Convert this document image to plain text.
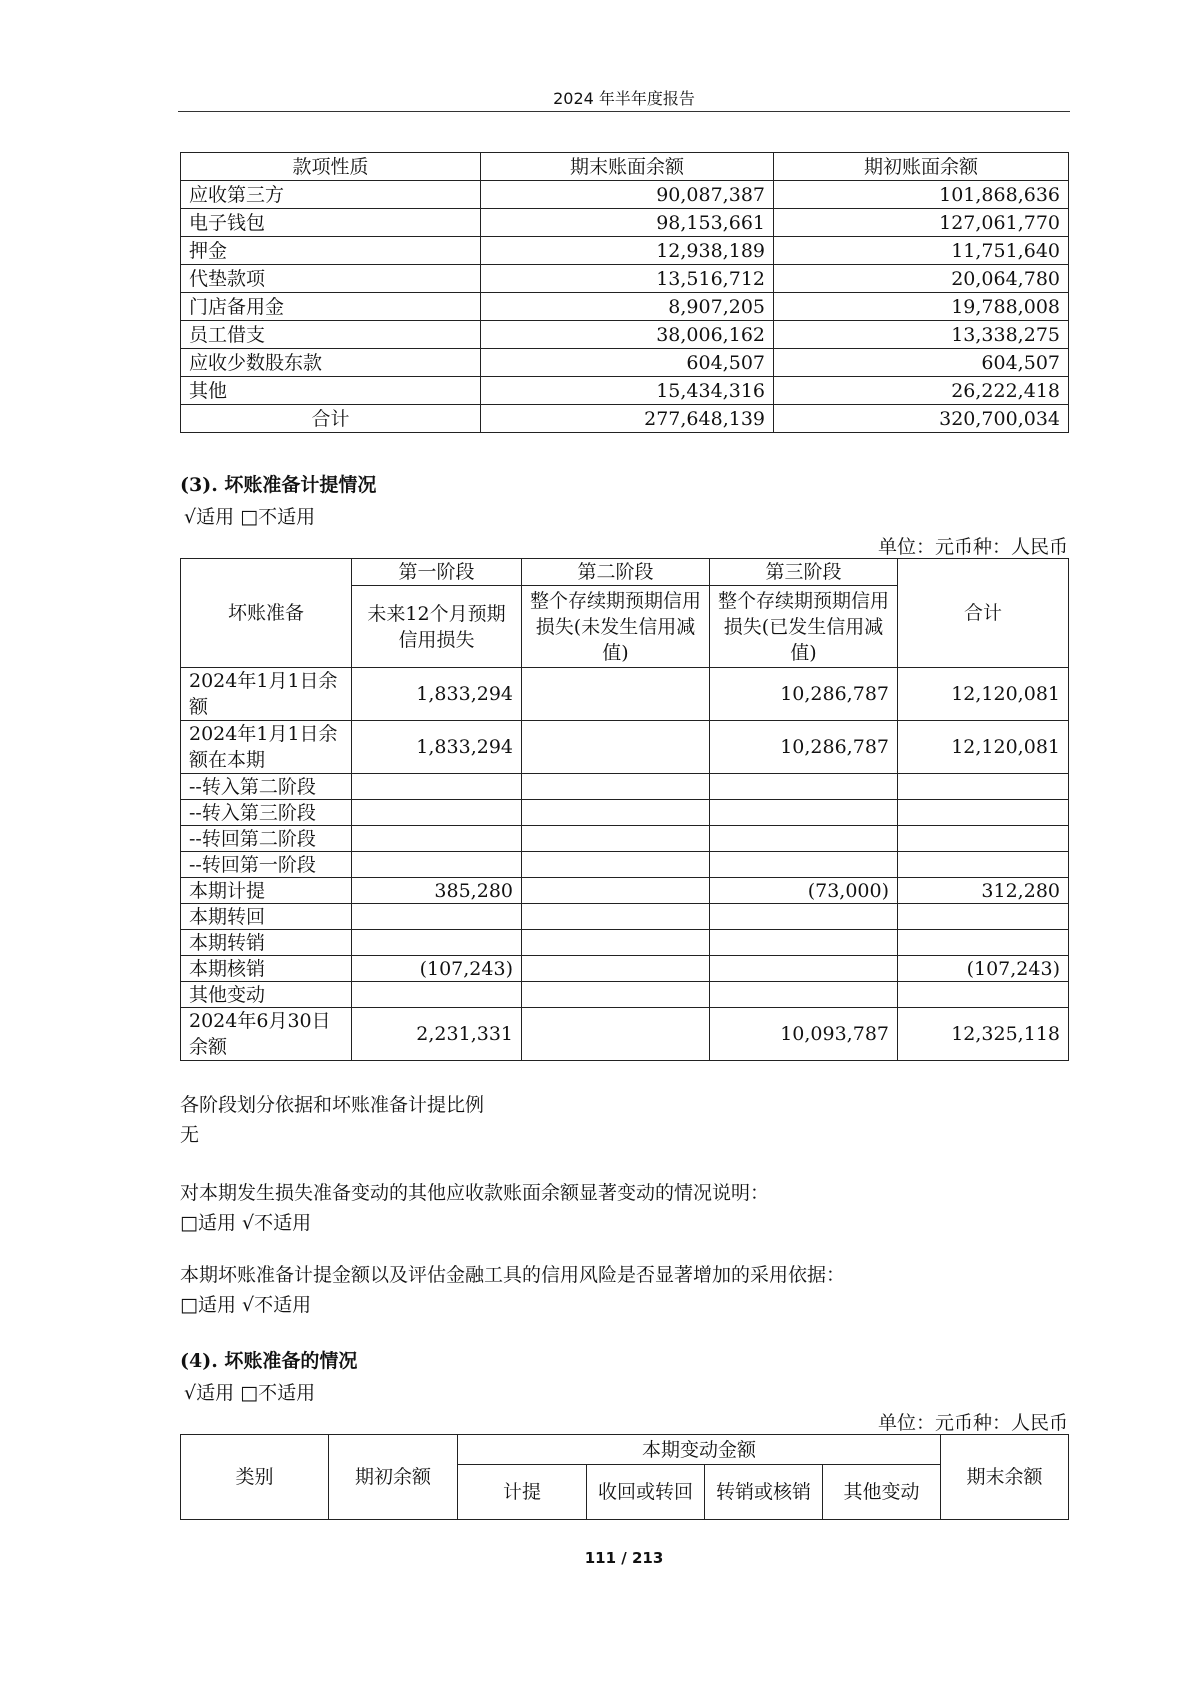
2024 年半年度报告
款项性质	期末账面余额	期初账面余额
应收第三方	90,087,387	101,868,636
电子钱包	98,153,661	127,061,770
押金	12,938,189	11,751,640
代垫款项	13,516,712	20,064,780
门店备用金	8,907,205	19,788,008
员工借支	38,006,162	13,338,275
应收少数股东款	604,507	604,507
其他	15,434,316	26,222,418
合计	277,648,139	320,700,034
(3). 坏账准备计提情况
√适用 □不适用
单位：元币种：人民币
坏账准备	第一阶段	第二阶段	第三阶段	合计
	未来12个月预期信用损失	整个存续期预期信用损失(未发生信用减值)	整个存续期预期信用损失(已发生信用减值)	
2024年1月1日余额	1,833,294		10,286,787	12,120,081
2024年1月1日余额在本期	1,833,294		10,286,787	12,120,081
--转入第二阶段				
--转入第三阶段				
--转回第二阶段				
--转回第一阶段				
本期计提	385,280		(73,000)	312,280
本期转回				
本期转销				
本期核销	(107,243)			(107,243)
其他变动				
2024年6月30日余额	2,231,331		10,093,787	12,325,118
各阶段划分依据和坏账准备计提比例
无
对本期发生损失准备变动的其他应收款账面余额显著变动的情况说明：
□适用 √不适用
本期坏账准备计提金额以及评估金融工具的信用风险是否显著增加的采用依据：
□适用 √不适用
(4). 坏账准备的情况
√适用 □不适用
单位：元币种：人民币
类别	期初余额	本期变动金额				期末余额
		计提	收回或转回	转销或核销	其他变动	
111 / 213
